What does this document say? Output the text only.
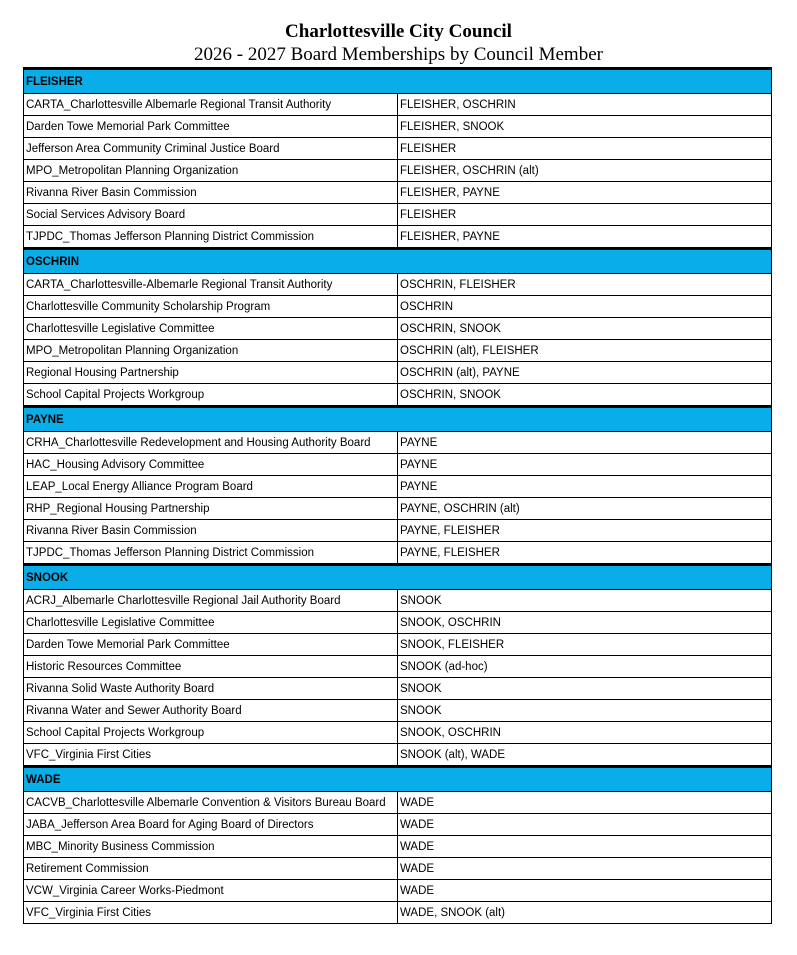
Charlottesville City Council
2026 - 2027 Board Memberships by Council Member
FLEISHER	
CARTA_Charlottesville Albemarle Regional Transit Authority	FLEISHER, OSCHRIN
Darden Towe Memorial Park Committee	FLEISHER, SNOOK
Jefferson Area Community Criminal Justice Board	FLEISHER
MPO_Metropolitan Planning Organization	FLEISHER, OSCHRIN (alt)
Rivanna River Basin Commission	FLEISHER, PAYNE
Social Services Advisory Board	FLEISHER
TJPDC_Thomas Jefferson Planning District Commission	FLEISHER, PAYNE
OSCHRIN	
CARTA_Charlottesville-Albemarle Regional Transit Authority	OSCHRIN, FLEISHER
Charlottesville Community Scholarship Program	OSCHRIN
Charlottesville Legislative Committee	OSCHRIN, SNOOK
MPO_Metropolitan Planning Organization	OSCHRIN (alt), FLEISHER
Regional Housing Partnership	OSCHRIN (alt), PAYNE
School Capital Projects Workgroup	OSCHRIN, SNOOK
PAYNE	
CRHA_Charlottesville Redevelopment and Housing Authority Board	PAYNE
HAC_Housing Advisory Committee	PAYNE
LEAP_Local Energy Alliance Program Board	PAYNE
RHP_Regional Housing Partnership	PAYNE, OSCHRIN (alt)
Rivanna River Basin Commission	PAYNE, FLEISHER
TJPDC_Thomas Jefferson Planning District Commission	PAYNE, FLEISHER
SNOOK	
ACRJ_Albemarle Charlottesville Regional Jail Authority Board	SNOOK
Charlottesville Legislative Committee	SNOOK, OSCHRIN
Darden Towe Memorial Park Committee	SNOOK, FLEISHER
Historic Resources Committee	SNOOK (ad-hoc)
Rivanna Solid Waste Authority Board	SNOOK
Rivanna Water and Sewer Authority Board	SNOOK
School Capital Projects Workgroup	SNOOK, OSCHRIN
VFC_Virginia First Cities	SNOOK (alt), WADE
WADE	
CACVB_Charlottesville Albemarle Convention & Visitors Bureau Board	WADE
JABA_Jefferson Area Board for Aging Board of Directors	WADE
MBC_Minority Business Commission	WADE
Retirement Commission	WADE
VCW_Virginia Career Works-Piedmont	WADE
VFC_Virginia First Cities	WADE, SNOOK (alt)
